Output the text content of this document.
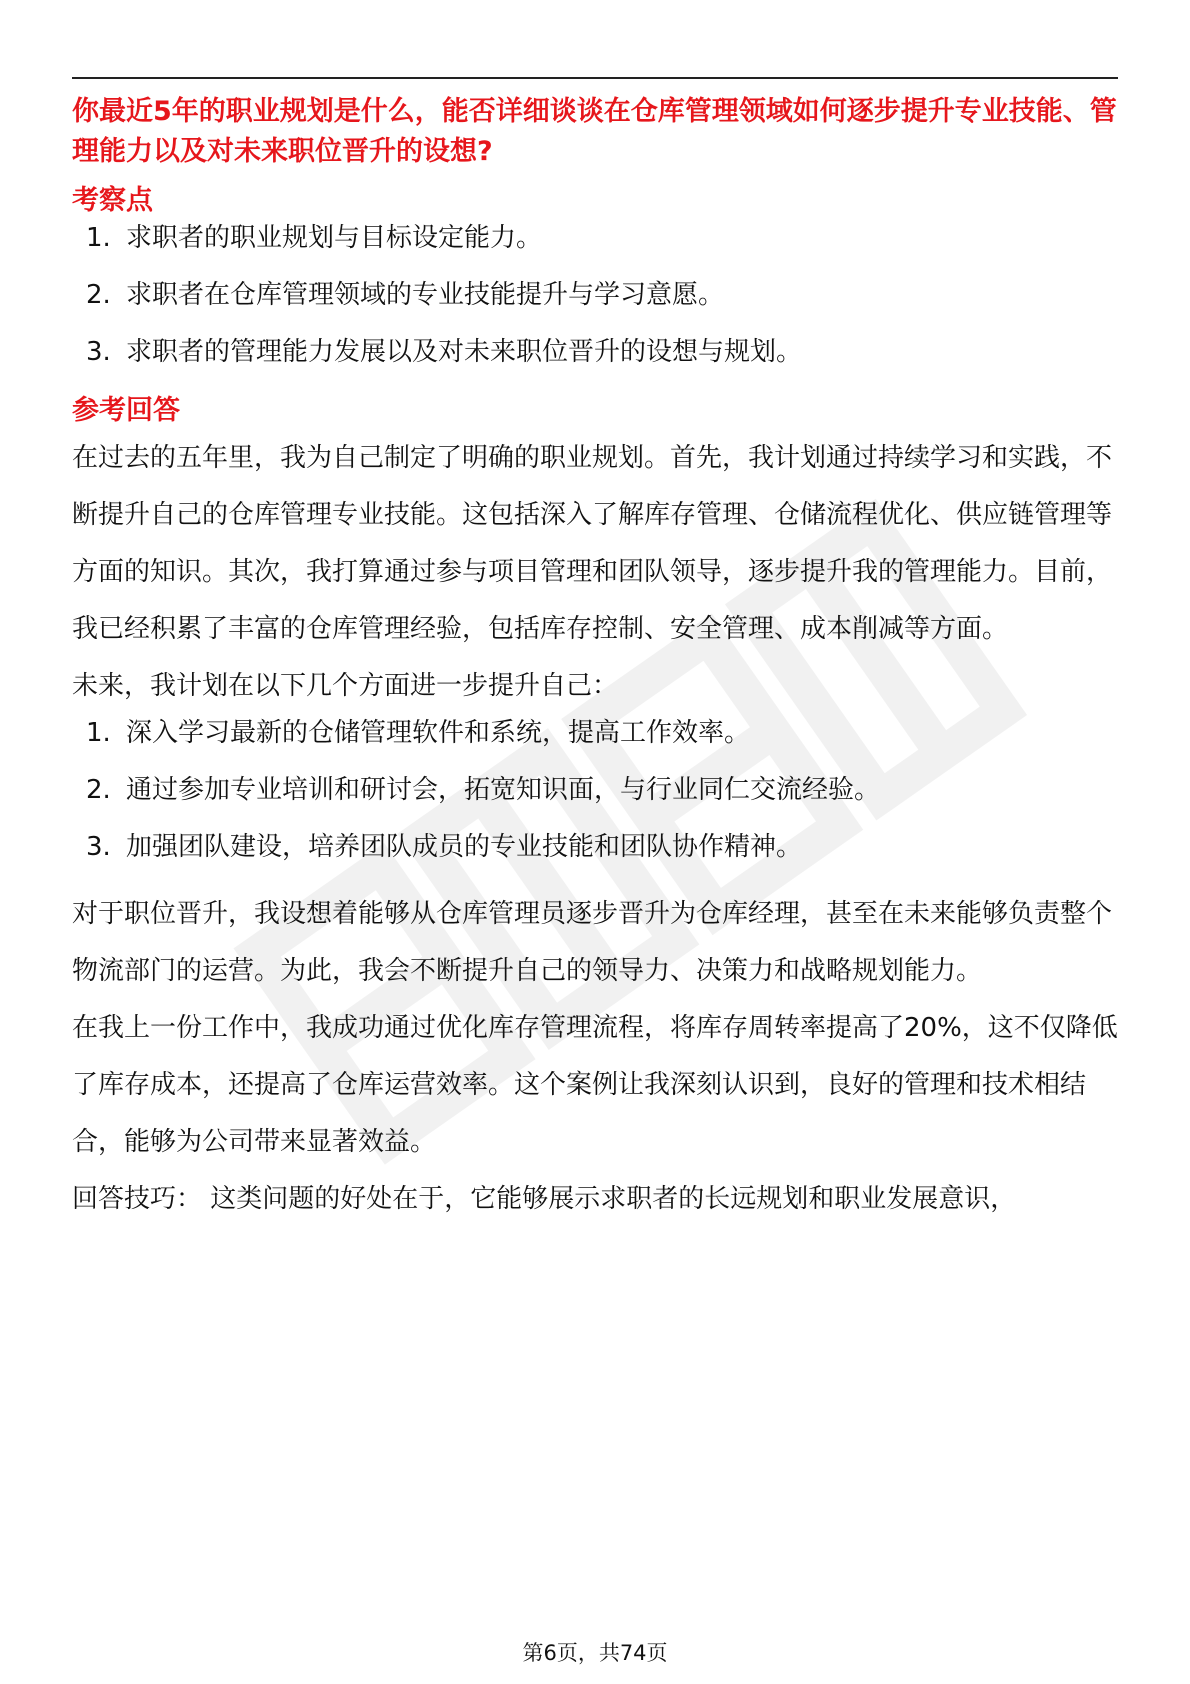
你最近5年的职业规划是什么，能否详细谈谈在仓库管理领域如何逐步提升专业技能、管理能力以及对未来职位晋升的设想?
考察点
1. 求职者的职业规划与目标设定能力。
2. 求职者在仓库管理领域的专业技能提升与学习意愿。
3. 求职者的管理能力发展以及对未来职位晋升的设想与规划。
参考回答

在过去的五年里，我为自己制定了明确的职业规划。首先，我计划通过持续学习和实践，不断提升自己的仓库管理专业技能。这包括深入了解库存管理、仓储流程优化、供应链管理等方面的知识。其次，我打算通过参与项目管理和团队领导，逐步提升我的管理能力。目前，我已经积累了丰富的仓库管理经验，包括库存控制、安全管理、成本削减等方面。

未来，我计划在以下几个方面进一步提升自己：

1. 深入学习最新的仓储管理软件和系统，提高工作效率。
2. 通过参加专业培训和研讨会，拓宽知识面，与行业同仁交流经验。
3. 加强团队建设，培养团队成员的专业技能和团队协作精神。

对于职位晋升，我设想着能够从仓库管理员逐步晋升为仓库经理，甚至在未来能够负责整个物流部门的运营。为此，我会不断提升自己的领导力、决策力和战略规划能力。

在我上一份工作中，我成功通过优化库存管理流程，将库存周转率提高了20%，这不仅降低了库存成本，还提高了仓库运营效率。这个案例让我深刻认识到，良好的管理和技术相结合，能够为公司带来显著效益。

回答技巧： 这类问题的好处在于，它能够展示求职者的长远规划和职业发展意识，

第6页，共74页
